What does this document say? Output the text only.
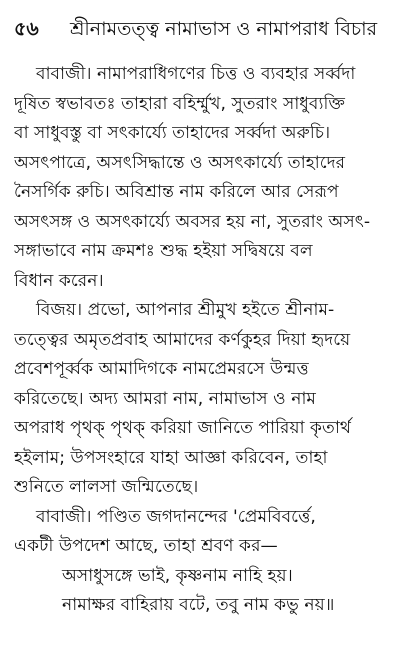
৫৬ শ্রীনামতত্ত্ব নামাভাস ও নামাপরাধ বিচার
বাবাজী। নামাপরাধিগণের চিত্ত ও ব্যবহার সর্ব্বদা
দূষিত স্বভাবতঃ তাহারা বহির্ম্মুখ, সুতরাং সাধুব্যক্তি
বা সাধুবস্তু বা সৎকার্য্যে তাহাদের সর্ব্বদা অরুচি।
অসৎপাত্রে, অসৎসিদ্ধান্তে ও অসৎকার্য্যে তাহাদের
নৈসর্গিক রুচি। অবিশ্রান্ত নাম করিলে আর সেরূপ
অসৎসঙ্গ ও অসৎকার্য্যে অবসর হয় না, সুতরাং অসৎ-
সঙ্গাভাবে নাম ক্রমশঃ শুদ্ধ হইয়া সদ্বিষয়ে বল
বিধান করেন।
বিজয়। প্রভো, আপনার শ্রীমুখ হইতে শ্রীনাম-
তত্ত্বের অমৃতপ্রবাহ আমাদের কর্ণকুহর দিয়া হৃদয়ে
প্রবেশপূর্ব্বক আমাদিগকে নামপ্রেমরসে উন্মত্ত
করিতেছে। অদ্য আমরা নাম, নামাভাস ও নাম
অপরাধ পৃথক্ পৃথক্ করিয়া জানিতে পারিয়া কৃতার্থ
হইলাম; উপসংহারে যাহা আজ্ঞা করিবেন, তাহা
শুনিতে লালসা জন্মিতেছে।
বাবাজী। পণ্ডিত জগদানন্দের 'প্রেমবিবর্ত্তে,
একটী উপদেশ আছে, তাহা শ্রবণ কর—
অসাধুসঙ্গে ভাই, কৃষ্ণনাম নাহি হয়।
নামাক্ষর বাহিরায় বটে, তবু নাম কভু নয়॥
